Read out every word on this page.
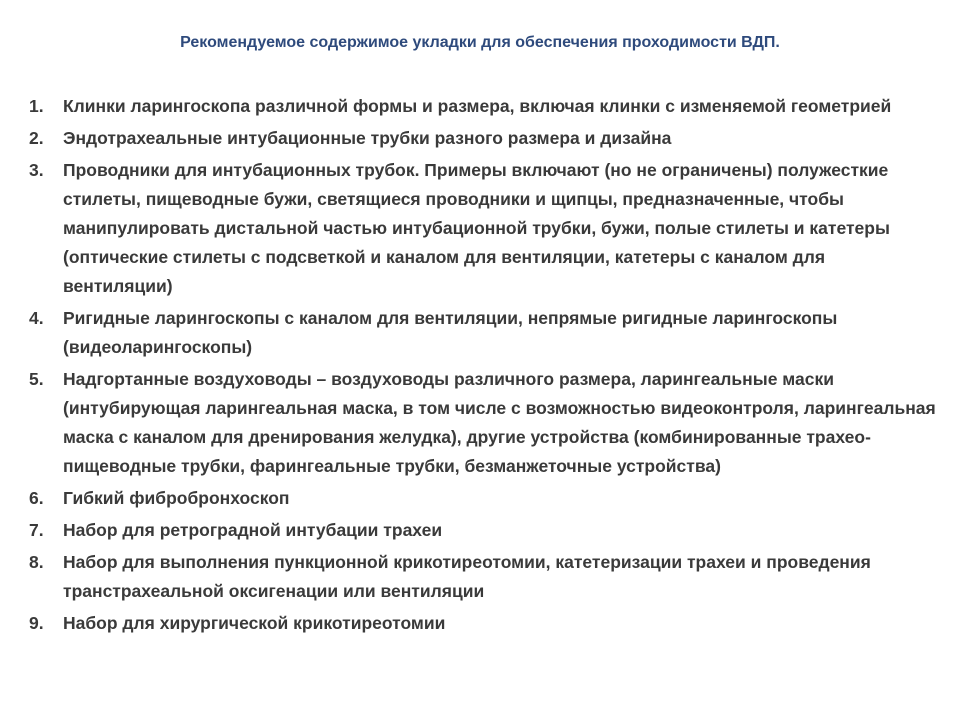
Рекомендуемое содержимое укладки для обеспечения проходимости ВДП.
1.	Клинки ларингоскопа различной формы и размера, включая клинки с изменяемой геометрией
2.	Эндотрахеальные интубационные трубки разного размера и дизайна
3.	Проводники для интубационных трубок. Примеры включают (но не ограничены) полужесткие стилеты, пищеводные бужи, светящиеся проводники и щипцы, предназначенные, чтобы манипулировать дистальной частью интубационной трубки, бужи, полые стилеты и катетеры (оптические стилеты с подсветкой и каналом для вентиляции, катетеры с каналом для вентиляции)
4.	Ригидные ларингоскопы с каналом для вентиляции, непрямые ригидные ларингоскопы (видеоларингоскопы)
5.	Надгортанные воздуховоды – воздуховоды различного размера, ларингеальные маски (интубирующая ларингеальная маска, в том числе с возможностью видеоконтроля, ларингеальная маска с каналом для дренирования желудка), другие устройства (комбинированные трахео-пищеводные трубки, фарингеальные трубки, безманжеточные устройства)
6.	Гибкий фибробронхоскоп
7.	Набор для ретроградной интубации трахеи
8.	Набор для выполнения пункционной крикотиреотомии, катетеризации трахеи и проведения транстрахеальной оксигенации или вентиляции
9.	Набор для хирургической крикотиреотомии
